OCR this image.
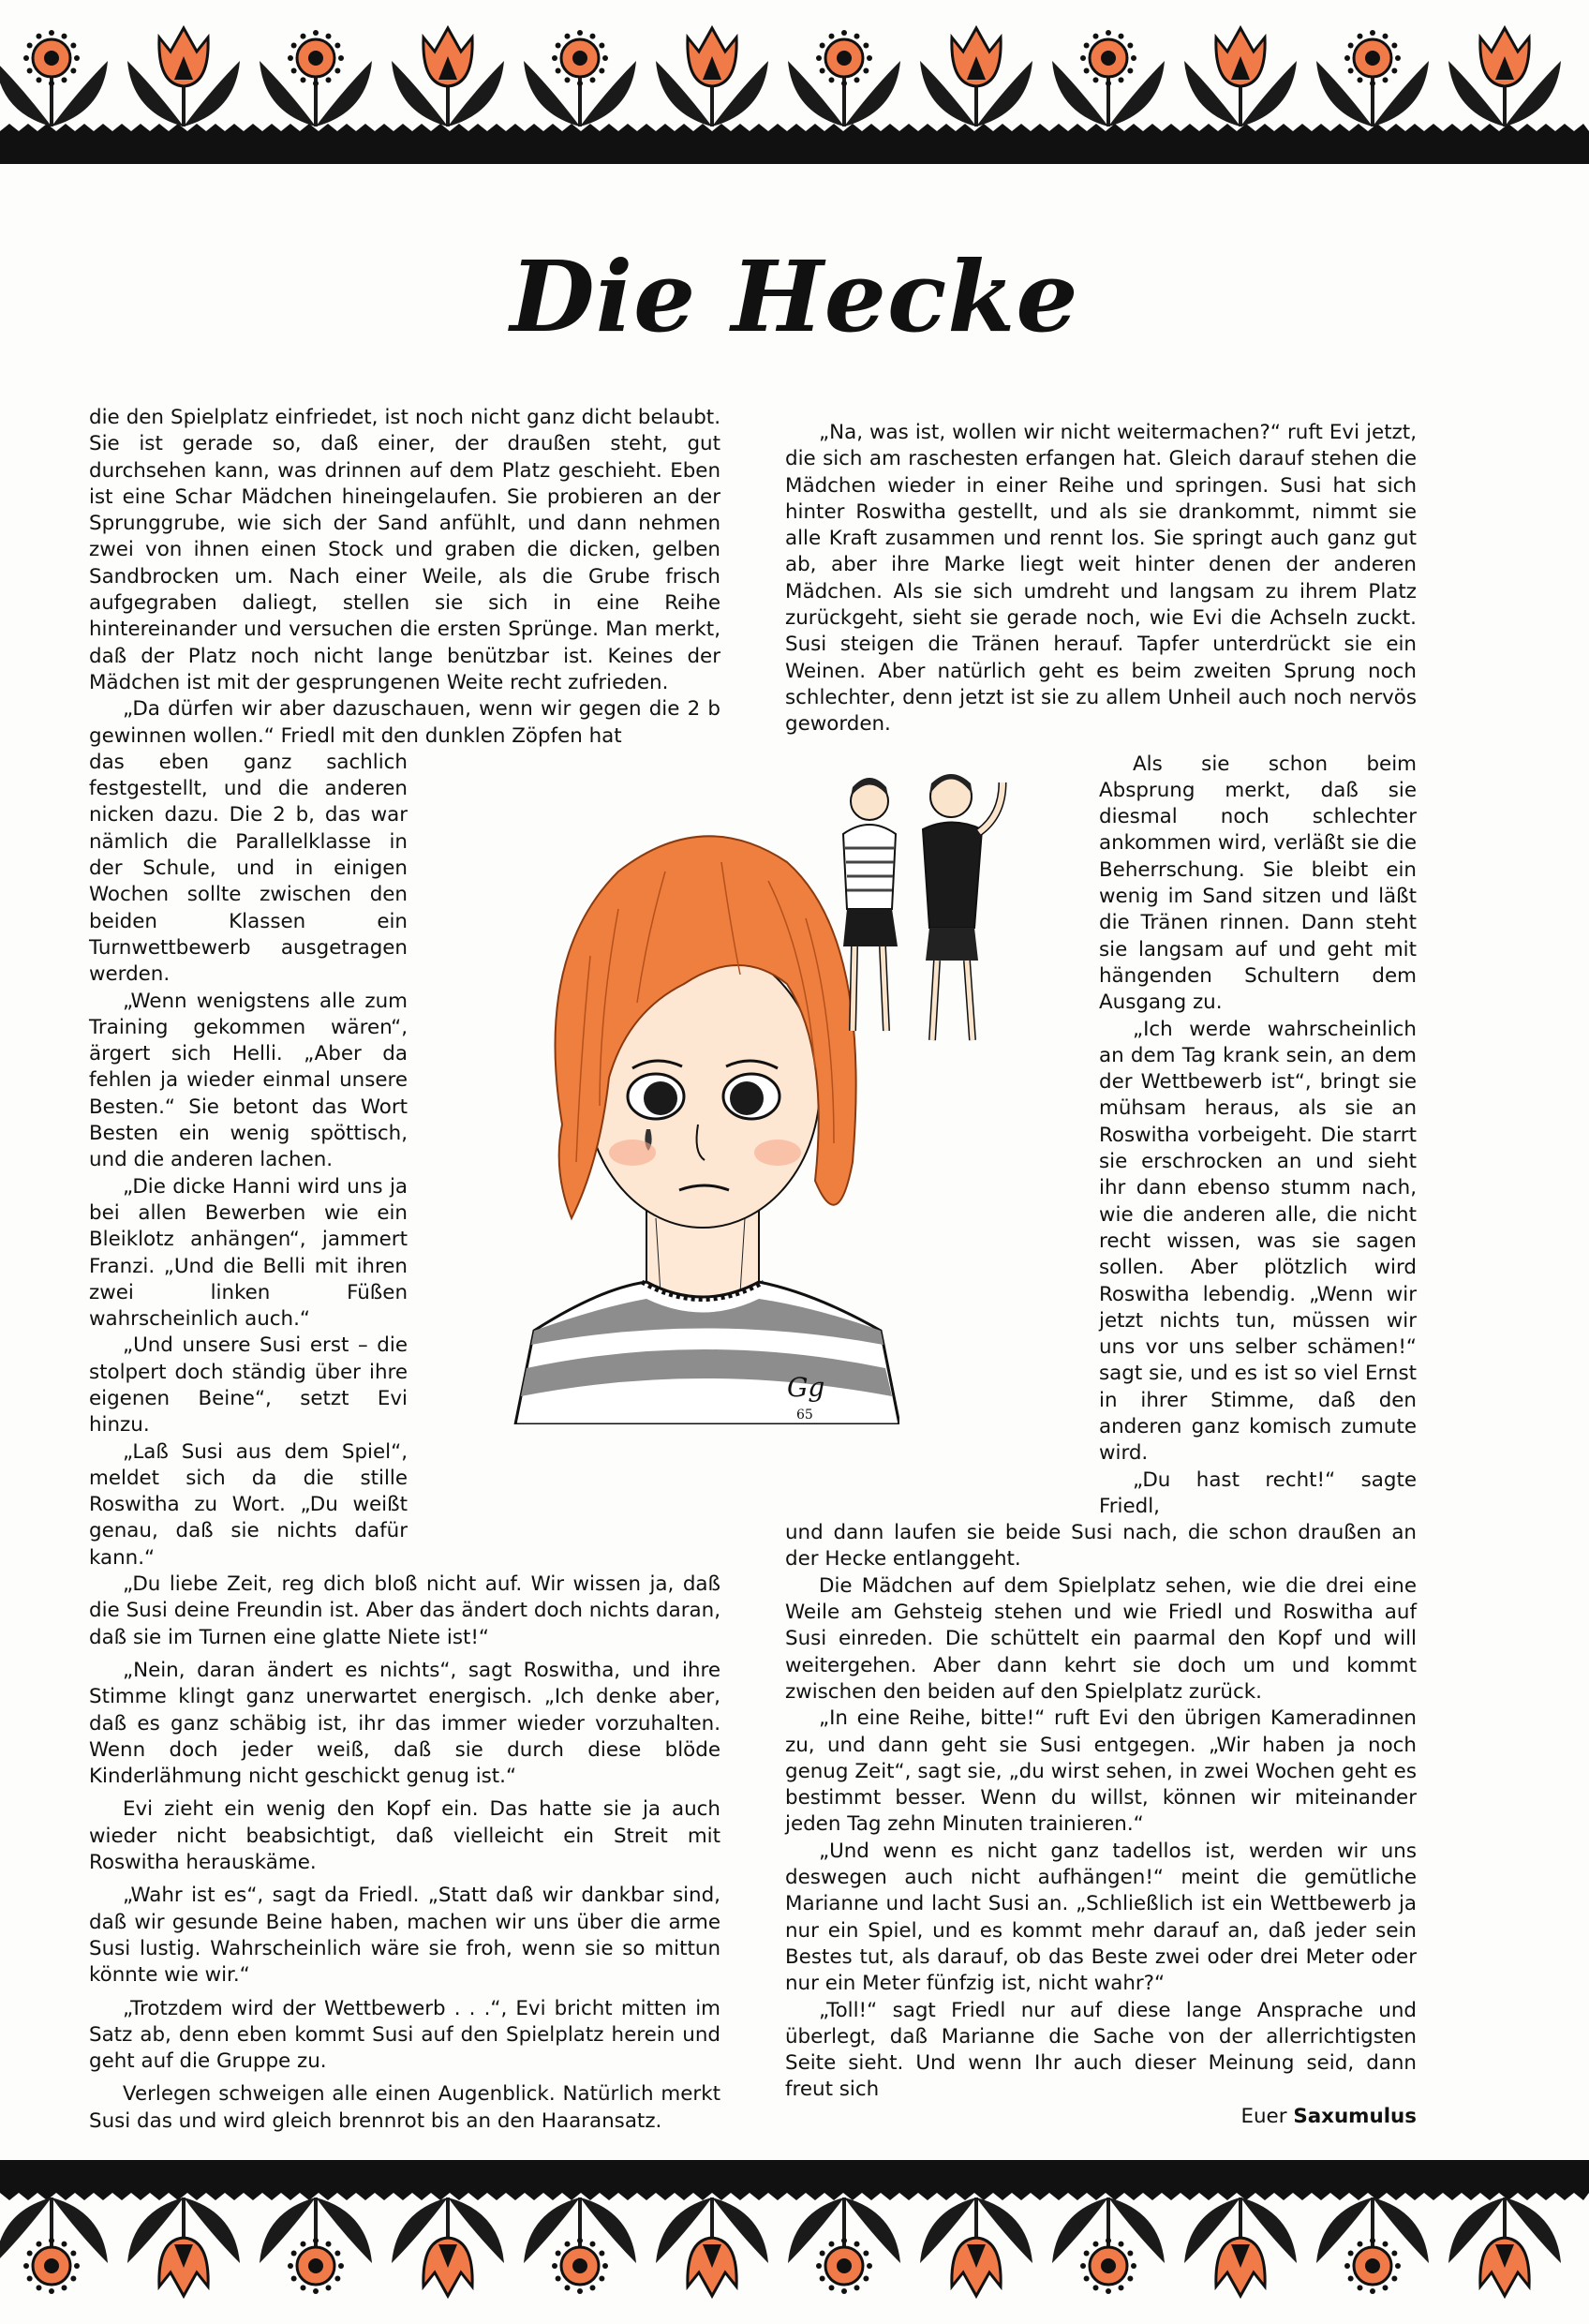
Die Hecke

die den Spielplatz einfriedet, ist noch nicht ganz dicht belaubt. Sie ist gerade so, daß einer, der draußen steht, gut durchsehen kann, was drinnen auf dem Platz geschieht. Eben ist eine Schar Mädchen hineingelaufen. Sie probieren an der Sprunggrube, wie sich der Sand anfühlt, und dann nehmen zwei von ihnen einen Stock und graben die dicken, gelben Sandbrocken um. Nach einer Weile, als die Grube frisch aufgegraben daliegt, stellen sie sich in eine Reihe hintereinander und versuchen die ersten Sprünge. Man merkt, daß der Platz noch nicht lange benützbar ist. Keines der Mädchen ist mit der gesprungenen Weite recht zufrieden.

„Da dürfen wir aber dazuschauen, wenn wir gegen die 2 b gewinnen wollen.“ Friedl mit den dunklen Zöpfen hat

das eben ganz sachlich festgestellt, und die anderen nicken dazu. Die 2 b, das war nämlich die Parallelklasse in der Schule, und in einigen Wochen sollte zwischen den beiden Klassen ein Turnwettbewerb ausgetragen werden.

„Wenn wenigstens alle zum Training gekommen wären“, ärgert sich Helli. „Aber da fehlen ja wieder einmal unsere Besten.“ Sie betont das Wort Besten ein wenig spöttisch, und die anderen lachen.

„Die dicke Hanni wird uns ja bei allen Bewerben wie ein Bleiklotz anhängen“, jammert Franzi. „Und die Belli mit ihren zwei linken Füßen wahrscheinlich auch.“

„Und unsere Susi erst – die stolpert doch ständig über ihre eigenen Beine“, setzt Evi hinzu.

„Laß Susi aus dem Spiel“, meldet sich da die stille Roswitha zu Wort. „Du weißt genau, daß sie nichts dafür kann.“

„Du liebe Zeit, reg dich bloß nicht auf. Wir wissen ja, daß die Susi deine Freundin ist. Aber das ändert doch nichts daran, daß sie im Turnen eine glatte Niete ist!“

„Nein, daran ändert es nichts“, sagt Roswitha, und ihre Stimme klingt ganz unerwartet energisch. „Ich denke aber, daß es ganz schäbig ist, ihr das immer wieder vorzuhalten. Wenn doch jeder weiß, daß sie durch diese blöde Kinderlähmung nicht geschickt genug ist.“

Evi zieht ein wenig den Kopf ein. Das hatte sie ja auch wieder nicht beabsichtigt, daß vielleicht ein Streit mit Roswitha herauskäme.

„Wahr ist es“, sagt da Friedl. „Statt daß wir dankbar sind, daß wir gesunde Beine haben, machen wir uns über die arme Susi lustig. Wahrscheinlich wäre sie froh, wenn sie so mittun könnte wie wir.“

„Trotzdem wird der Wettbewerb . . .“, Evi bricht mitten im Satz ab, denn eben kommt Susi auf den Spielplatz herein und geht auf die Gruppe zu.

Verlegen schweigen alle einen Augenblick. Natürlich merkt Susi das und wird gleich brennrot bis an den Haaransatz.

„Na, was ist, wollen wir nicht weitermachen?“ ruft Evi jetzt, die sich am raschesten erfangen hat. Gleich darauf stehen die Mädchen wieder in einer Reihe und springen. Susi hat sich hinter Roswitha gestellt, und als sie drankommt, nimmt sie alle Kraft zusammen und rennt los. Sie springt auch ganz gut ab, aber ihre Marke liegt weit hinter denen der anderen Mädchen. Als sie sich umdreht und langsam zu ihrem Platz zurückgeht, sieht sie gerade noch, wie Evi die Achseln zuckt. Susi steigen die Tränen herauf. Tapfer unterdrückt sie ein Weinen. Aber natürlich geht es beim zweiten Sprung noch schlechter, denn jetzt ist sie zu allem Unheil auch noch nervös geworden.

Als sie schon beim Absprung merkt, daß sie diesmal noch schlechter ankommen wird, verläßt sie die Beherrschung. Sie bleibt ein wenig im Sand sitzen und läßt die Tränen rinnen. Dann steht sie langsam auf und geht mit hängenden Schultern dem Ausgang zu.

„Ich werde wahrscheinlich an dem Tag krank sein, an dem der Wettbewerb ist“, bringt sie mühsam heraus, als sie an Roswitha vorbeigeht. Die starrt sie erschrocken an und sieht ihr dann ebenso stumm nach, wie die anderen alle, die nicht recht wissen, was sie sagen sollen. Aber plötzlich wird Roswitha lebendig. „Wenn wir jetzt nichts tun, müssen wir uns vor uns selber schämen!“ sagt sie, und es ist so viel Ernst in ihrer Stimme, daß den anderen ganz komisch zumute wird.

„Du hast recht!“ sagte Friedl,

und dann laufen sie beide Susi nach, die schon draußen an der Hecke entlanggeht.

Die Mädchen auf dem Spielplatz sehen, wie die drei eine Weile am Gehsteig stehen und wie Friedl und Roswitha auf Susi einreden. Die schüttelt ein paarmal den Kopf und will weitergehen. Aber dann kehrt sie doch um und kommt zwischen den beiden auf den Spielplatz zurück.

„In eine Reihe, bitte!“ ruft Evi den übrigen Kameradinnen zu, und dann geht sie Susi entgegen. „Wir haben ja noch genug Zeit“, sagt sie, „du wirst sehen, in zwei Wochen geht es bestimmt besser. Wenn du willst, können wir miteinander jeden Tag zehn Minuten trainieren.“

„Und wenn es nicht ganz tadellos ist, werden wir uns deswegen auch nicht aufhängen!“ meint die gemütliche Marianne und lacht Susi an. „Schließlich ist ein Wettbewerb ja nur ein Spiel, und es kommt mehr darauf an, daß jeder sein Bestes tut, als darauf, ob das Beste zwei oder drei Meter oder nur ein Meter fünfzig ist, nicht wahr?“

„Toll!“ sagt Friedl nur auf diese lange Ansprache und überlegt, daß Marianne die Sache von der allerrichtigsten Seite sieht. Und wenn Ihr auch dieser Meinung seid, dann freut sich

Euer Saxumulus

Gg
65
